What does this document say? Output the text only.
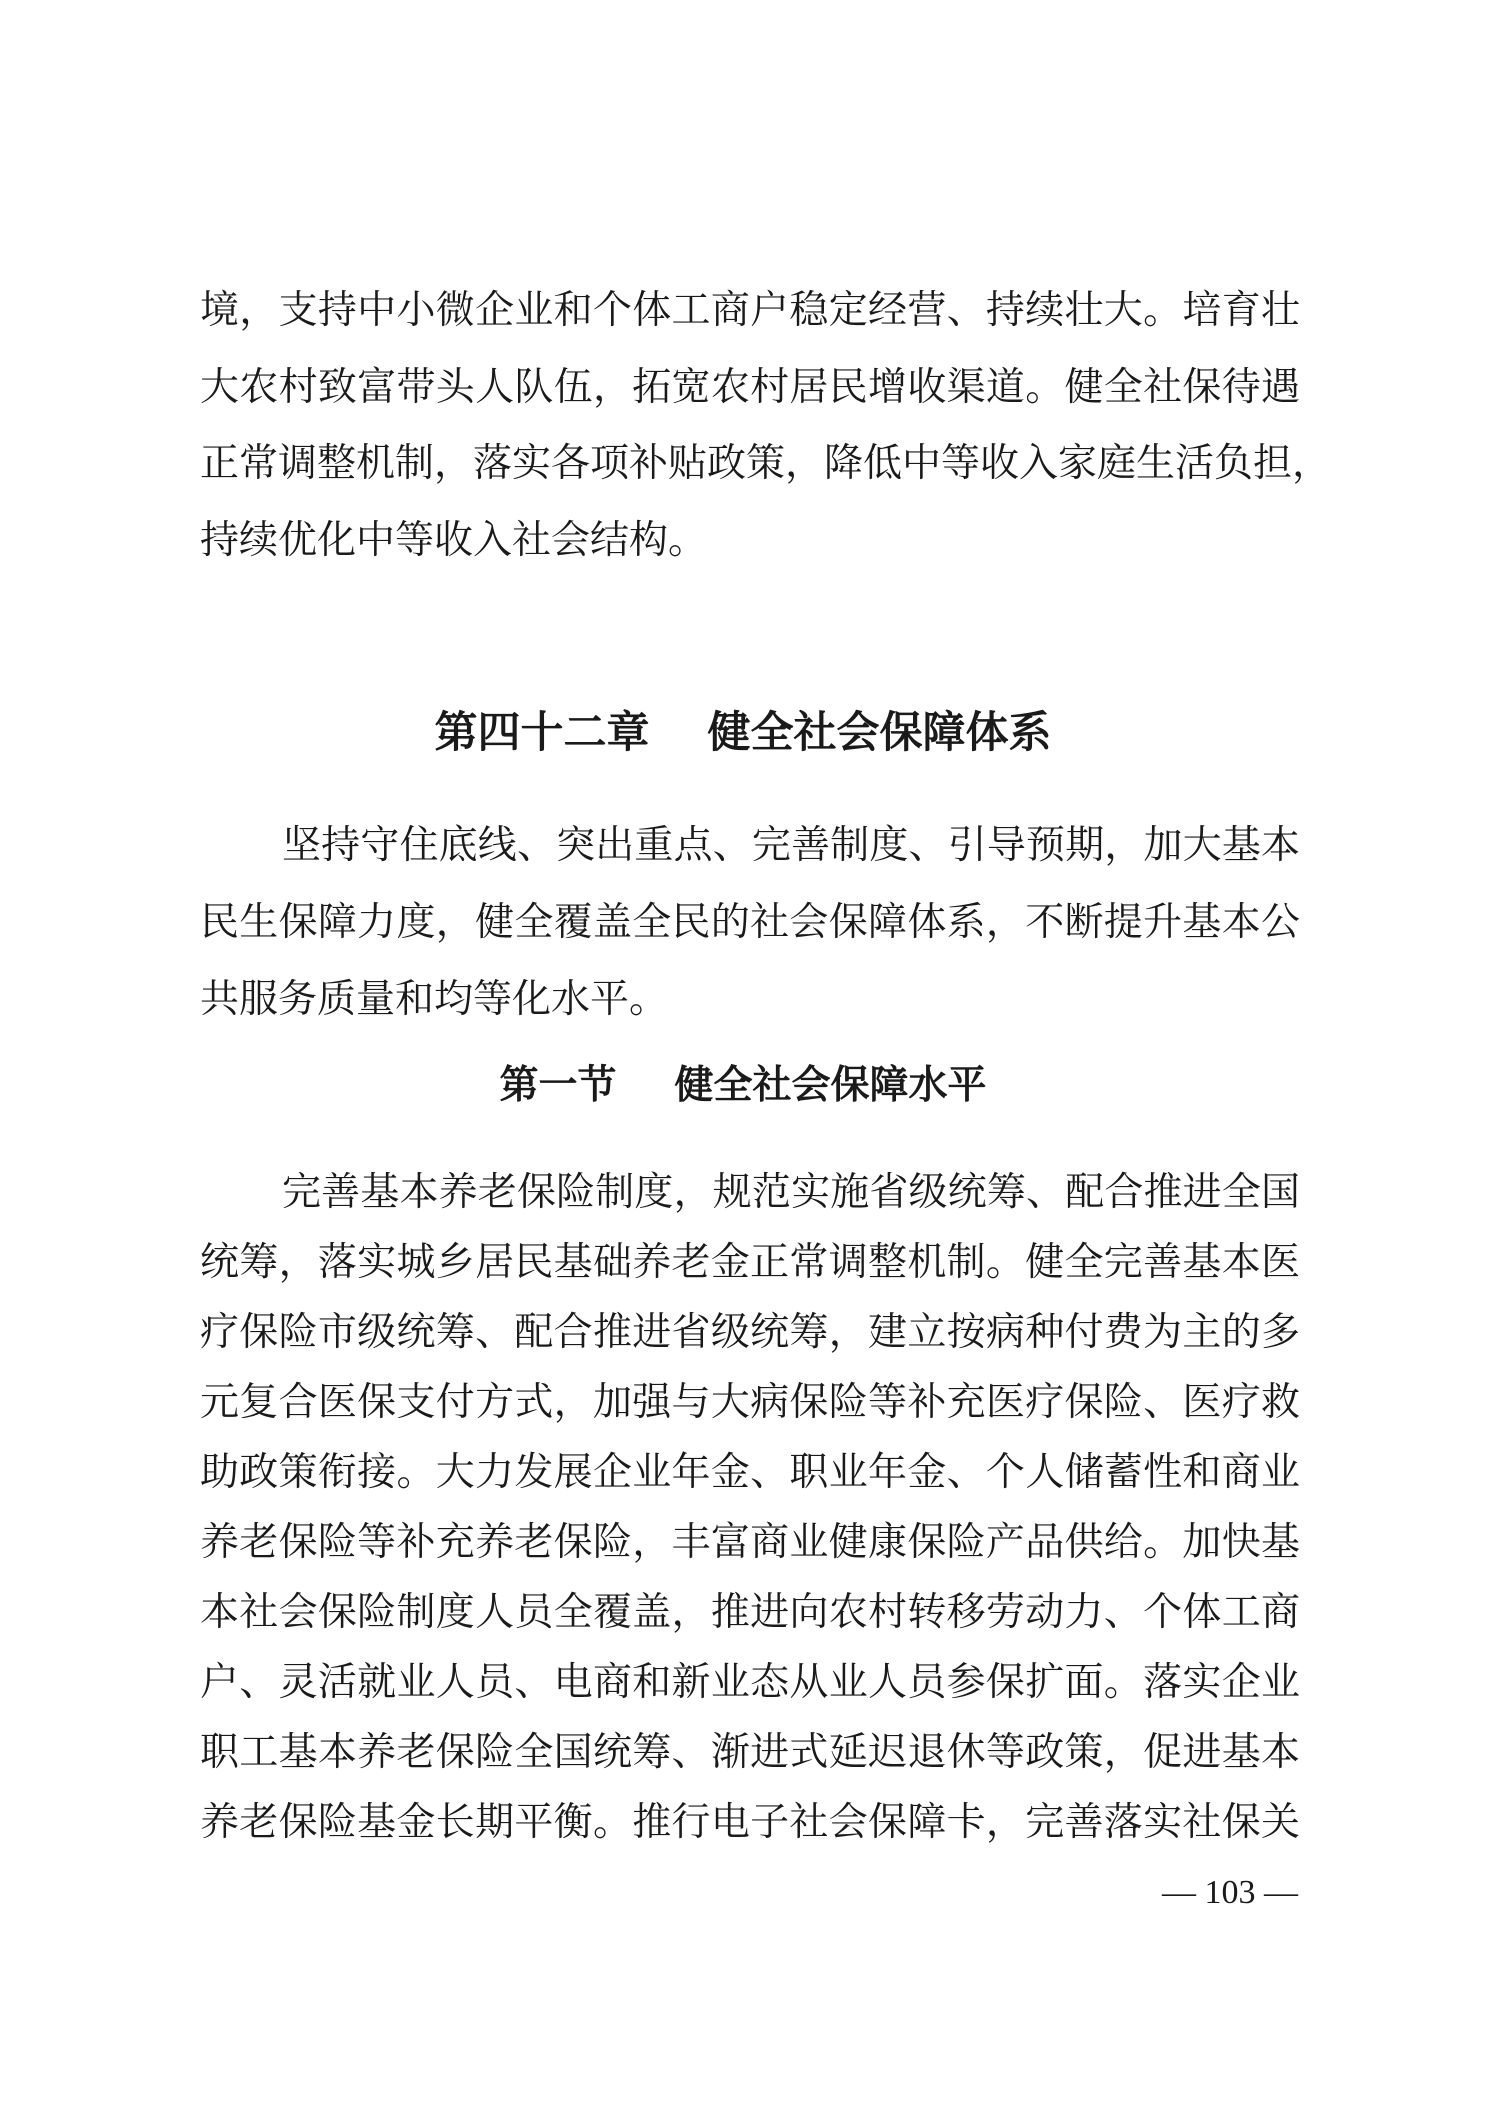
境，支持中小微企业和个体工商户稳定经营、持续壮大。培育壮
大农村致富带头人队伍，拓宽农村居民增收渠道。健全社保待遇
正常调整机制，落实各项补贴政策，降低中等收入家庭生活负担，
持续优化中等收入社会结构。
第四十二章 健全社会保障体系
坚持守住底线、突出重点、完善制度、引导预期，加大基本
民生保障力度，健全覆盖全民的社会保障体系，不断提升基本公
共服务质量和均等化水平。
第一节 健全社会保障水平
完善基本养老保险制度，规范实施省级统筹、配合推进全国
统筹，落实城乡居民基础养老金正常调整机制。健全完善基本医
疗保险市级统筹、配合推进省级统筹，建立按病种付费为主的多
元复合医保支付方式，加强与大病保险等补充医疗保险、医疗救
助政策衔接。大力发展企业年金、职业年金、个人储蓄性和商业
养老保险等补充养老保险，丰富商业健康保险产品供给。加快基
本社会保险制度人员全覆盖，推进向农村转移劳动力、个体工商
户、灵活就业人员、电商和新业态从业人员参保扩面。落实企业
职工基本养老保险全国统筹、渐进式延迟退休等政策，促进基本
养老保险基金长期平衡。推行电子社会保障卡，完善落实社保关
— 103 —
